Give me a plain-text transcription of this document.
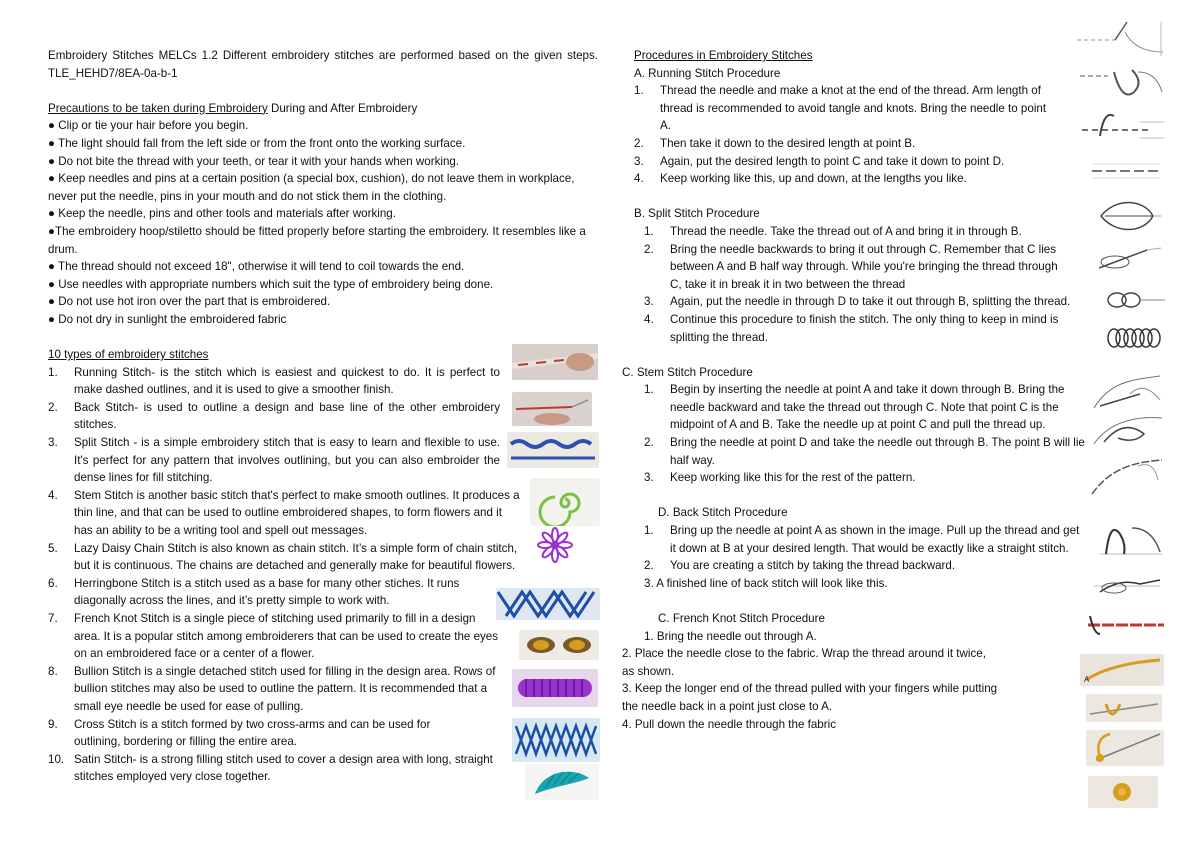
Embroidery Stitches MELCs 1.2 Different embroidery stitches are performed based on the given steps. TLE_HEHD7/8EA-0a-b-1

Precautions to be taken during Embroidery During and After Embroidery

● Clip or tie your hair before you begin.

● The light should fall from the left side or from the front onto the working surface.

● Do not bite the thread with your teeth, or tear it with your hands when working.

● Keep needles and pins at a certain position (a special box, cushion), do not leave them in workplace, never put the needle, pins in your mouth and do not stick them in the clothing.

● Keep the needle, pins and other tools and materials after working.

●The embroidery hoop/stiletto should be fitted properly before starting the embroidery. It resembles like a drum.

● The thread should not exceed 18", otherwise it will tend to coil towards the end.

● Use needles with appropriate numbers which suit the type of embroidery being done.

● Do not use hot iron over the part that is embroidered.

● Do not dry in sunlight the embroidered fabric

10 types of embroidery stitches

1.	Running Stitch- is the stitch which is easiest and quickest to do. It is perfect to make dashed outlines, and it is used to give a smoother finish.
2.	Back Stitch- is used to outline a design and base line of the other embroidery stitches.
3.	Split Stitch - is a simple embroidery stitch that is easy to learn and flexible to use. It's perfect for any pattern that involves outlining, but you can also embroider the dense lines for fill stitching.
4.	Stem Stitch is another basic stitch that's perfect to make smooth outlines. It produces a thin line, and that can be used to outline embroidered shapes, to form flowers and it has an ability to be a writing tool and spell out messages.
5.	Lazy Daisy Chain Stitch is also known as chain stitch. It’s a simple form of chain stitch, but it is continuous. The chains are detached and generally make for beautiful flowers.
6.	Herringbone Stitch is a stitch used as a base for many other stiches. It runs diagonally across the lines, and it’s pretty simple to work with.
7.	French Knot Stitch is a single piece of stitching used primarily to fill in a design area. It is a popular stitch among embroiderers that can be used to create the eyes on an embroidered face or a center of a flower.
8.	Bullion Stitch is a single detached stitch used for filling in the design area. Rows of bullion stitches may also be used to outline the pattern. It is recommended that a small eye needle be used for ease of pulling.
9.	Cross Stitch is a stitch formed by two cross-arms and can be used for outlining, bordering or filling the entire area.
10. Satin Stitch- is a strong filling stitch used to cover a design area with long, straight stitches employed very close together.

Procedures in Embroidery Stitches

A. Running Stitch Procedure

1.	Thread the needle and make a knot at the end of the thread. Arm length of thread is recommended to avoid tangle and knots. Bring the needle to point A.
2.	Then take it down to the desired length at point B.
3.	Again, put the desired length to point C and take it down to point D.
4.	Keep working like this, up and down, at the lengths you like.

B. Split Stitch Procedure

1.	Thread the needle. Take the thread out of A and bring it in through B.
2.	Bring the needle backwards to bring it out through C. Remember that C lies between A and B half way through. While you're bringing the thread through C, take it in break it in two between the thread
3.	Again, put the needle in through D to take it out through B, splitting the thread.
4.	Continue this procedure to finish the stitch. The only thing to keep in mind is splitting the thread.

C. Stem Stitch Procedure

1.	Begin by inserting the needle at point A and take it down through B. Bring the needle backward and take the thread out through C. Note that point C is the midpoint of A and B. Take the needle up at point C and pull the thread up.
2.	Bring the needle at point D and take the needle out through B. The point B will lie half way.
3.	Keep working like this for the rest of the pattern.

D. Back Stitch Procedure

1.	Bring up the needle at point A as shown in the image. Pull up the thread and get it down at B at your desired length. That would be exactly like a straight stitch.
2.	You are creating a stitch by taking the thread backward.

3. A finished line of back stitch will look like this.

C. French Knot Stitch Procedure

1. Bring the needle out through A.

2. Place the needle close to the fabric. Wrap the thread around it twice,

as shown.

3. Keep the longer end of the thread pulled with your fingers while putting

the needle back in a point just close to A.

4. Pull down the needle through the fabric

A
